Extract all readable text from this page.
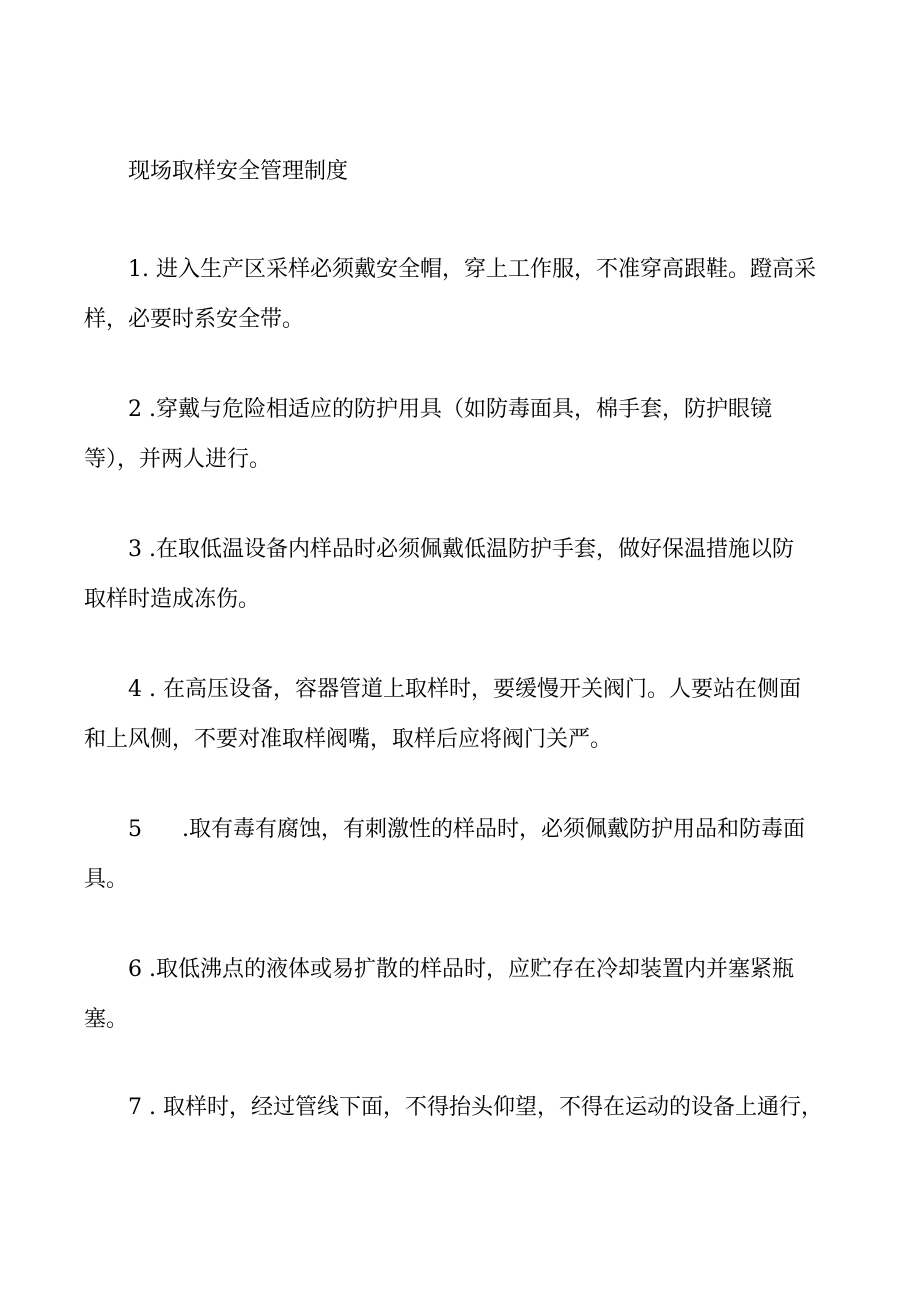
现场取样安全管理制度
1. 进入生产区采样必须戴安全帽，穿上工作服，不准穿高跟鞋。蹬高采
样，必要时系安全带。
2 .穿戴与危险相适应的防护用具（如防毒面具，棉手套，防护眼镜
等），并两人进行。
3 .在取低温设备内样品时必须佩戴低温防护手套，做好保温措施以防
取样时造成冻伤。
4 . 在高压设备，容器管道上取样时，要缓慢开关阀门。人要站在侧面
和上风侧，不要对准取样阀嘴，取样后应将阀门关严。
5 .取有毒有腐蚀，有刺激性的样品时，必须佩戴防护用品和防毒面
具。
6 .取低沸点的液体或易扩散的样品时，应贮存在冷却装置内并塞紧瓶
塞。
7 . 取样时，经过管线下面，不得抬头仰望，不得在运动的设备上通行，
